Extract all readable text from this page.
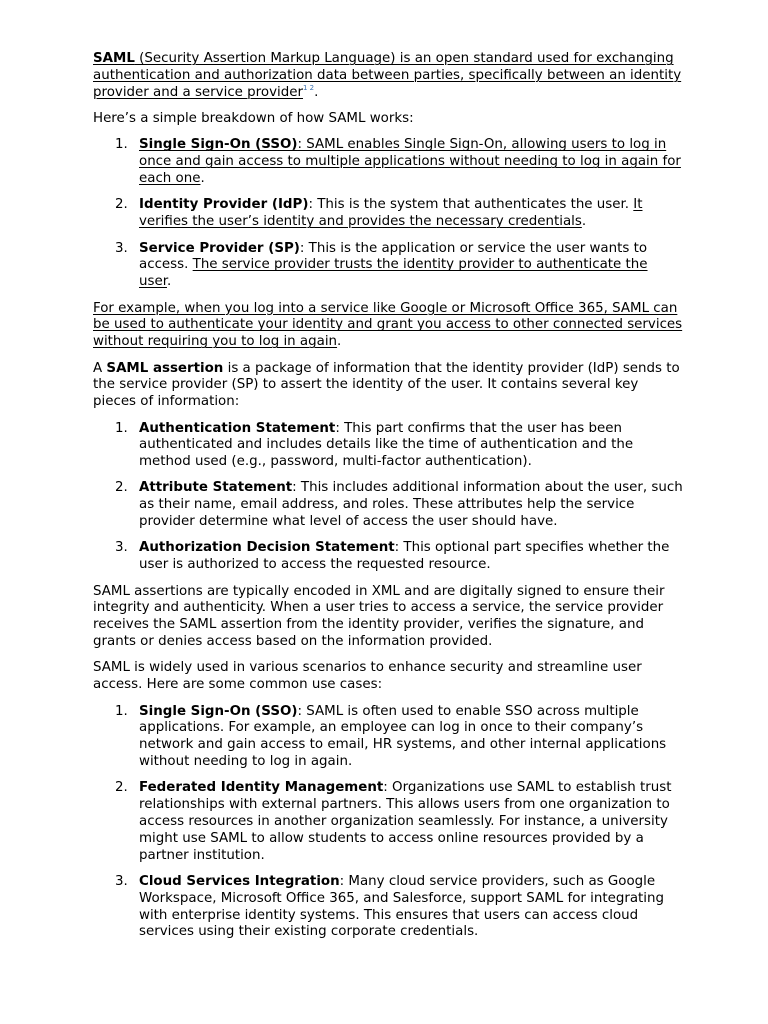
SAML (Security Assertion Markup Language) is an open standard used for exchanging authentication and authorization data between parties, specifically between an identity provider and a service provider$^{1 2}$.

Here’s a simple breakdown of how SAML works:

1. Single Sign-On (SSO): SAML enables Single Sign-On, allowing users to log in once and gain access to multiple applications without needing to log in again for each one.
2. Identity Provider (IdP): This is the system that authenticates the user. It verifies the user’s identity and provides the necessary credentials.
3. Service Provider (SP): This is the application or service the user wants to access. The service provider trusts the identity provider to authenticate the user.

For example, when you log into a service like Google or Microsoft Office 365, SAML can be used to authenticate your identity and grant you access to other connected services without requiring you to log in again.

A SAML assertion is a package of information that the identity provider (IdP) sends to the service provider (SP) to assert the identity of the user. It contains several key pieces of information:

1. Authentication Statement: This part confirms that the user has been authenticated and includes details like the time of authentication and the method used (e.g., password, multi-factor authentication).
2. Attribute Statement: This includes additional information about the user, such as their name, email address, and roles. These attributes help the service provider determine what level of access the user should have.
3. Authorization Decision Statement: This optional part specifies whether the user is authorized to access the requested resource.

SAML assertions are typically encoded in XML and are digitally signed to ensure their integrity and authenticity. When a user tries to access a service, the service provider receives the SAML assertion from the identity provider, verifies the signature, and grants or denies access based on the information provided.

SAML is widely used in various scenarios to enhance security and streamline user access. Here are some common use cases:

1. Single Sign-On (SSO): SAML is often used to enable SSO across multiple applications. For example, an employee can log in once to their company’s network and gain access to email, HR systems, and other internal applications without needing to log in again.
2. Federated Identity Management: Organizations use SAML to establish trust relationships with external partners. This allows users from one organization to access resources in another organization seamlessly. For instance, a university might use SAML to allow students to access online resources provided by a partner institution.
3. Cloud Services Integration: Many cloud service providers, such as Google Workspace, Microsoft Office 365, and Salesforce, support SAML for integrating with enterprise identity systems. This ensures that users can access cloud services using their existing corporate credentials.
